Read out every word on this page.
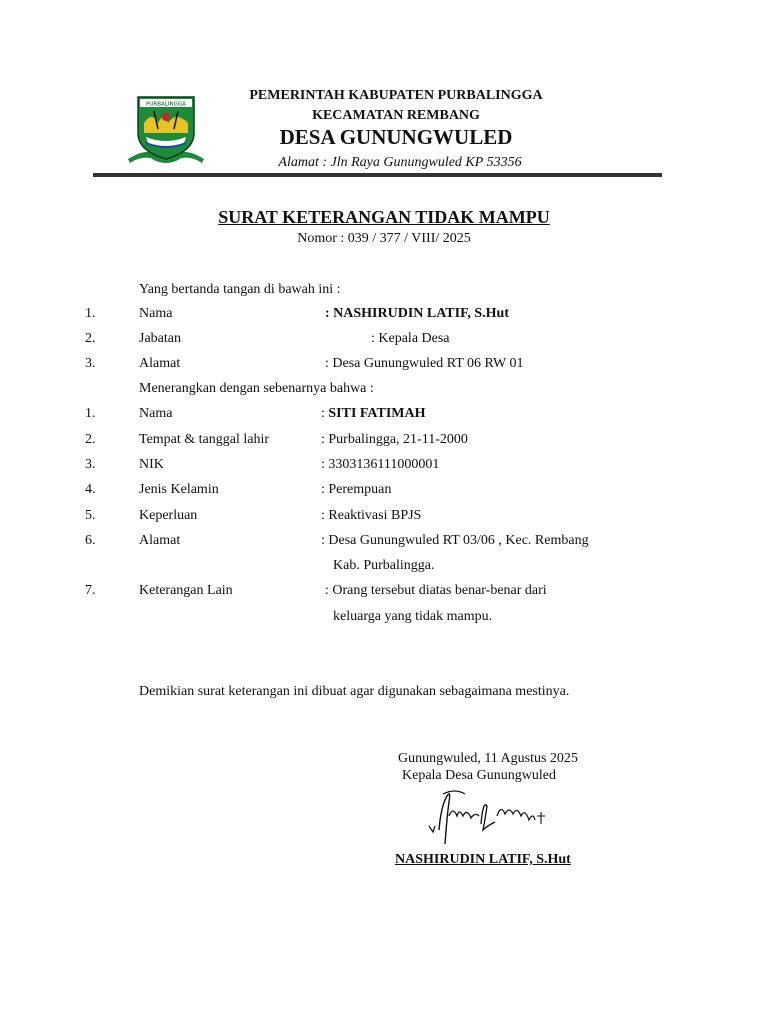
PURBALINGGA
PEMERINTAH KABUPATEN PURBALINGGA
KECAMATAN REMBANG
DESA GUNUNGWULED
Alamat : Jln Raya Gunungwuled KP 53356
SURAT KETERANGAN TIDAK MAMPU
Nomor : 039 / 377 / VIII/ 2025
Yang bertanda tangan di bawah ini :
1.	Nama	: NASHIRUDIN LATIF, S.Hut
2.	Jabatan	: Kepala Desa
3.	Alamat	: Desa Gunungwuled RT 06 RW 01
Menerangkan dengan sebenarnya bahwa :
1.	Nama	: SITI FATIMAH
2.	Tempat & tanggal lahir	: Purbalingga, 21-11-2000
3.	NIK	: 3303136111000001
4.	Jenis Kelamin	: Perempuan
5.	Keperluan	: Reaktivasi BPJS
6.	Alamat	: Desa Gunungwuled RT 03/06 , Kec. Rembang
Kab. Purbalingga.
7.	Keterangan Lain	: Orang tersebut diatas benar-benar dari
keluarga yang tidak mampu.
Demikian surat keterangan ini dibuat agar digunakan sebagaimana mestinya.
Gunungwuled, 11 Agustus 2025
Kepala Desa Gunungwuled
NASHIRUDIN LATIF, S.Hut
